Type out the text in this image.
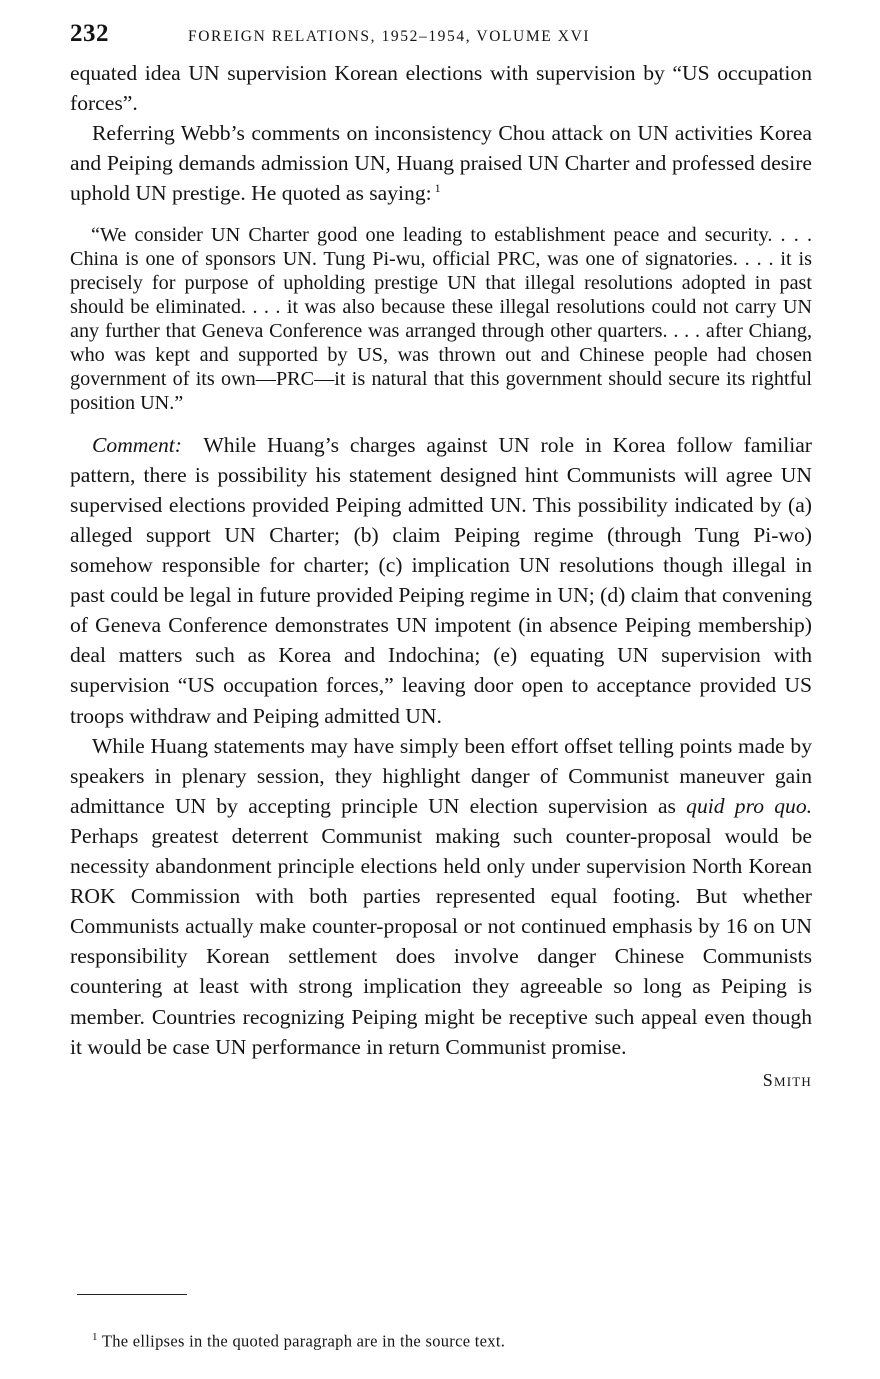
232	FOREIGN RELATIONS, 1952–1954, VOLUME XVI

equated idea UN supervision Korean elections with supervision by “US occupation forces”.

Referring Webb’s comments on inconsistency Chou attack on UN activities Korea and Peiping demands admission UN, Huang praised UN Charter and professed desire uphold UN prestige. He quoted as saying: $^1$

“We consider UN Charter good one leading to establishment peace and security. . . . China is one of sponsors UN. Tung Pi-wu, official PRC, was one of signatories. . . . it is precisely for purpose of upholding prestige UN that illegal resolutions adopted in past should be eliminated. . . . it was also because these illegal resolutions could not carry UN any further that Geneva Conference was arranged through other quarters. . . . after Chiang, who was kept and supported by US, was thrown out and Chinese people had chosen government of its own—PRC—it is natural that this government should secure its rightful position UN.”

Comment: While Huang’s charges against UN role in Korea follow familiar pattern, there is possibility his statement designed hint Communists will agree UN supervised elections provided Peiping admitted UN. This possibility indicated by (a) alleged support UN Charter; (b) claim Peiping regime (through Tung Pi-wo) somehow responsible for charter; (c) implication UN resolutions though illegal in past could be legal in future provided Peiping regime in UN; (d) claim that convening of Geneva Conference demonstrates UN impotent (in absence Peiping membership) deal matters such as Korea and Indochina; (e) equating UN supervision with supervision “US occupation forces,” leaving door open to acceptance provided US troops withdraw and Peiping admitted UN.

While Huang statements may have simply been effort offset telling points made by speakers in plenary session, they highlight danger of Communist maneuver gain admittance UN by accepting principle UN election supervision as quid pro quo. Perhaps greatest deterrent Communist making such counter-proposal would be necessity abandonment principle elections held only under supervision North Korean ROK Commission with both parties represented equal footing. But whether Communists actually make counter-proposal or not continued emphasis by 16 on UN responsibility Korean settlement does involve danger Chinese Communists countering at least with strong implication they agreeable so long as Peiping is member. Countries recognizing Peiping might be receptive such appeal even though it would be case UN performance in return Communist promise.

Smith
$^1$ The ellipses in the quoted paragraph are in the source text.
